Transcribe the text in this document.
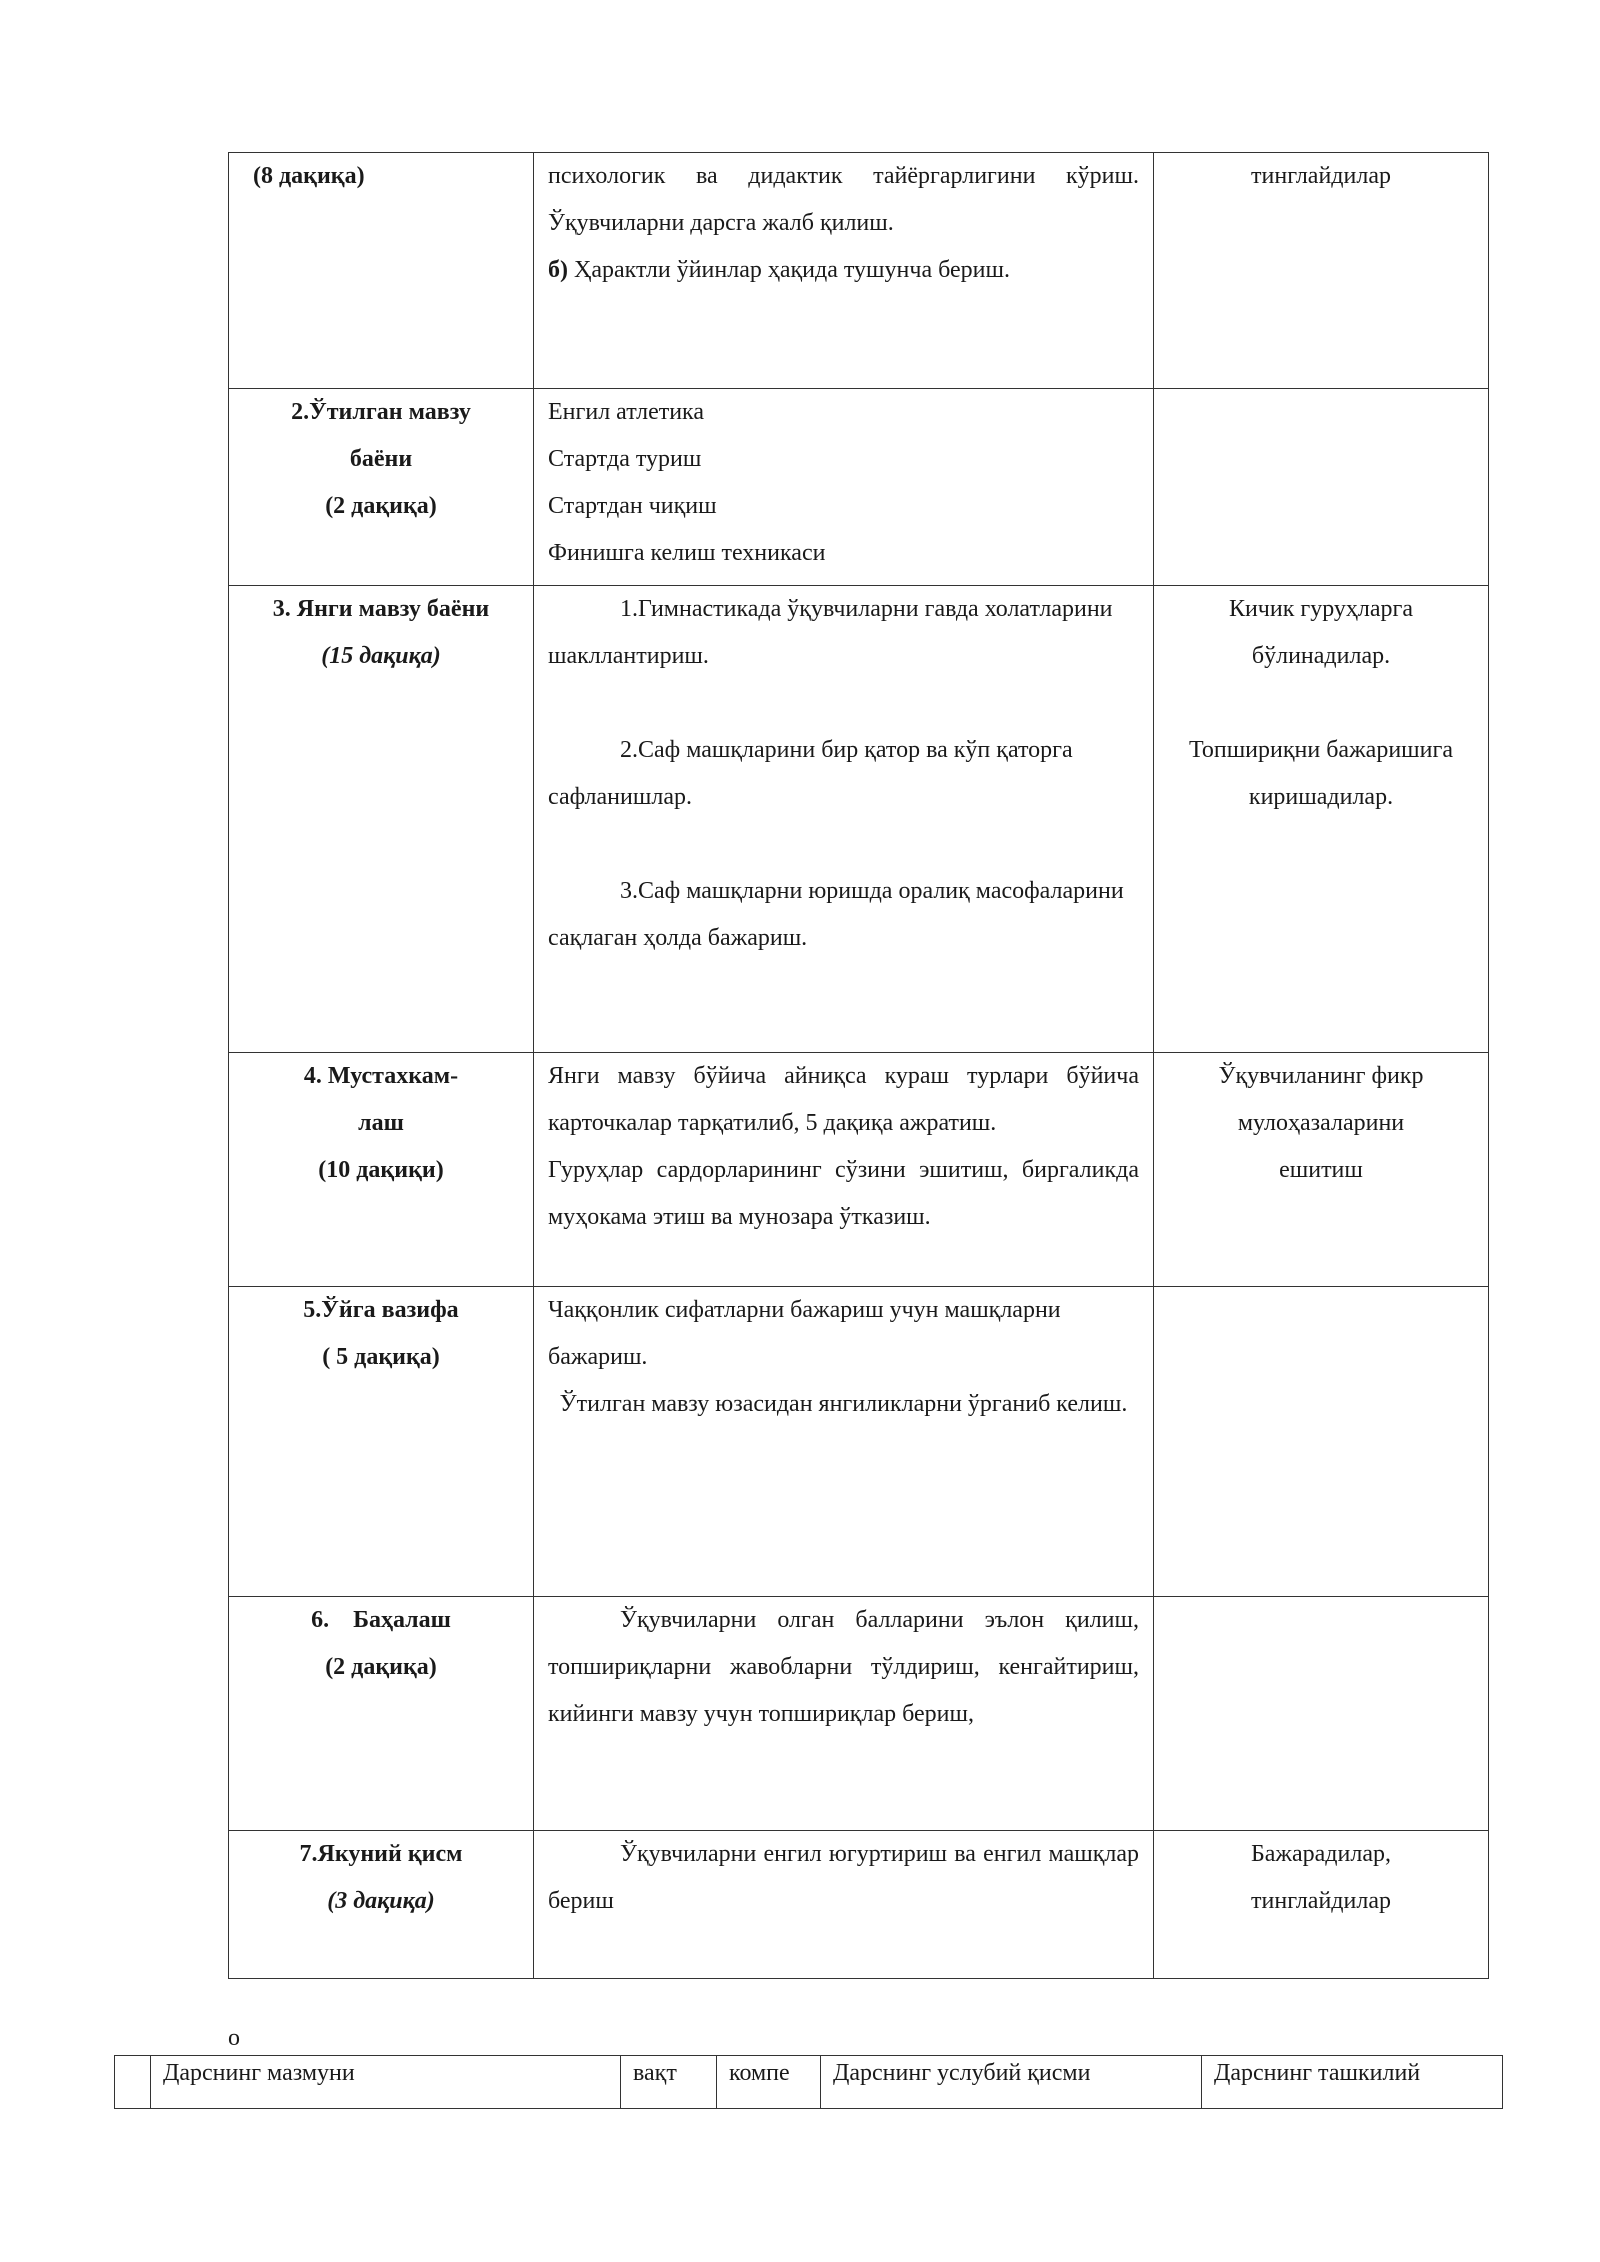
(8 дақиқа)	психологик ва дидактик тайёргарлигини кўриш. Ўқувчиларни дарсга жалб қилиш.
б) Ҳарактли ўйинлар ҳақида тушунча бериш.	тинглайдилар

2.Ўтилган мавзу
баёни
(2 дақиқа)	Енгил атлетика
Стартда туриш
Стартдан чиқиш
Финишга келиш техникаси	

3. Янги мавзу баёни
(15 дақиқа)	1.Гимнастикада ўқувчиларни гавда холатларини шакллантириш.
2.Саф машқларини бир қатор ва кўп қаторга сафланишлар.
3.Саф машқларни юришда оралиқ масофаларини сақлаган ҳолда бажариш.	Кичик гуруҳларга
бўлинадилар.
Топшириқни бажаришига
киришадилар.

4. Мустахкам-
лаш
(10 дақиқи)	Янги мавзу бўйича айниқса кураш турлари бўйича карточкалар тарқатилиб, 5 дақиқа ажратиш.
Гуруҳлар сардорларининг сўзини эшитиш, биргаликда муҳокама этиш ва мунозара ўтказиш.	Ўқувчиланинг фикр
мулоҳазаларини
ешитиш

5.Ўйга вазифа
( 5 дақиқа)	Чаққонлик сифатларни бажариш учун машқларни бажариш.
Ўтилган мавзу юзасидан янгиликларни ўрганиб келиш.	

6.    Баҳалаш
(2 дақиқа)	Ўқувчиларни олган балларини эълон қилиш, топшириқларни жавобларни тўлдириш, кенгайтириш, кийинги мавзу учун топшириқлар бериш,	

7.Якуний қисм
(3 дақиқа)	Ўқувчиларни енгил югуртириш ва енгил машқлар бериш	Бажарадилар,
тинглайдилар
о
	Дарснинг мазмуни	вақт	компе	Дарснинг услубий қисми	Дарснинг ташкилий
